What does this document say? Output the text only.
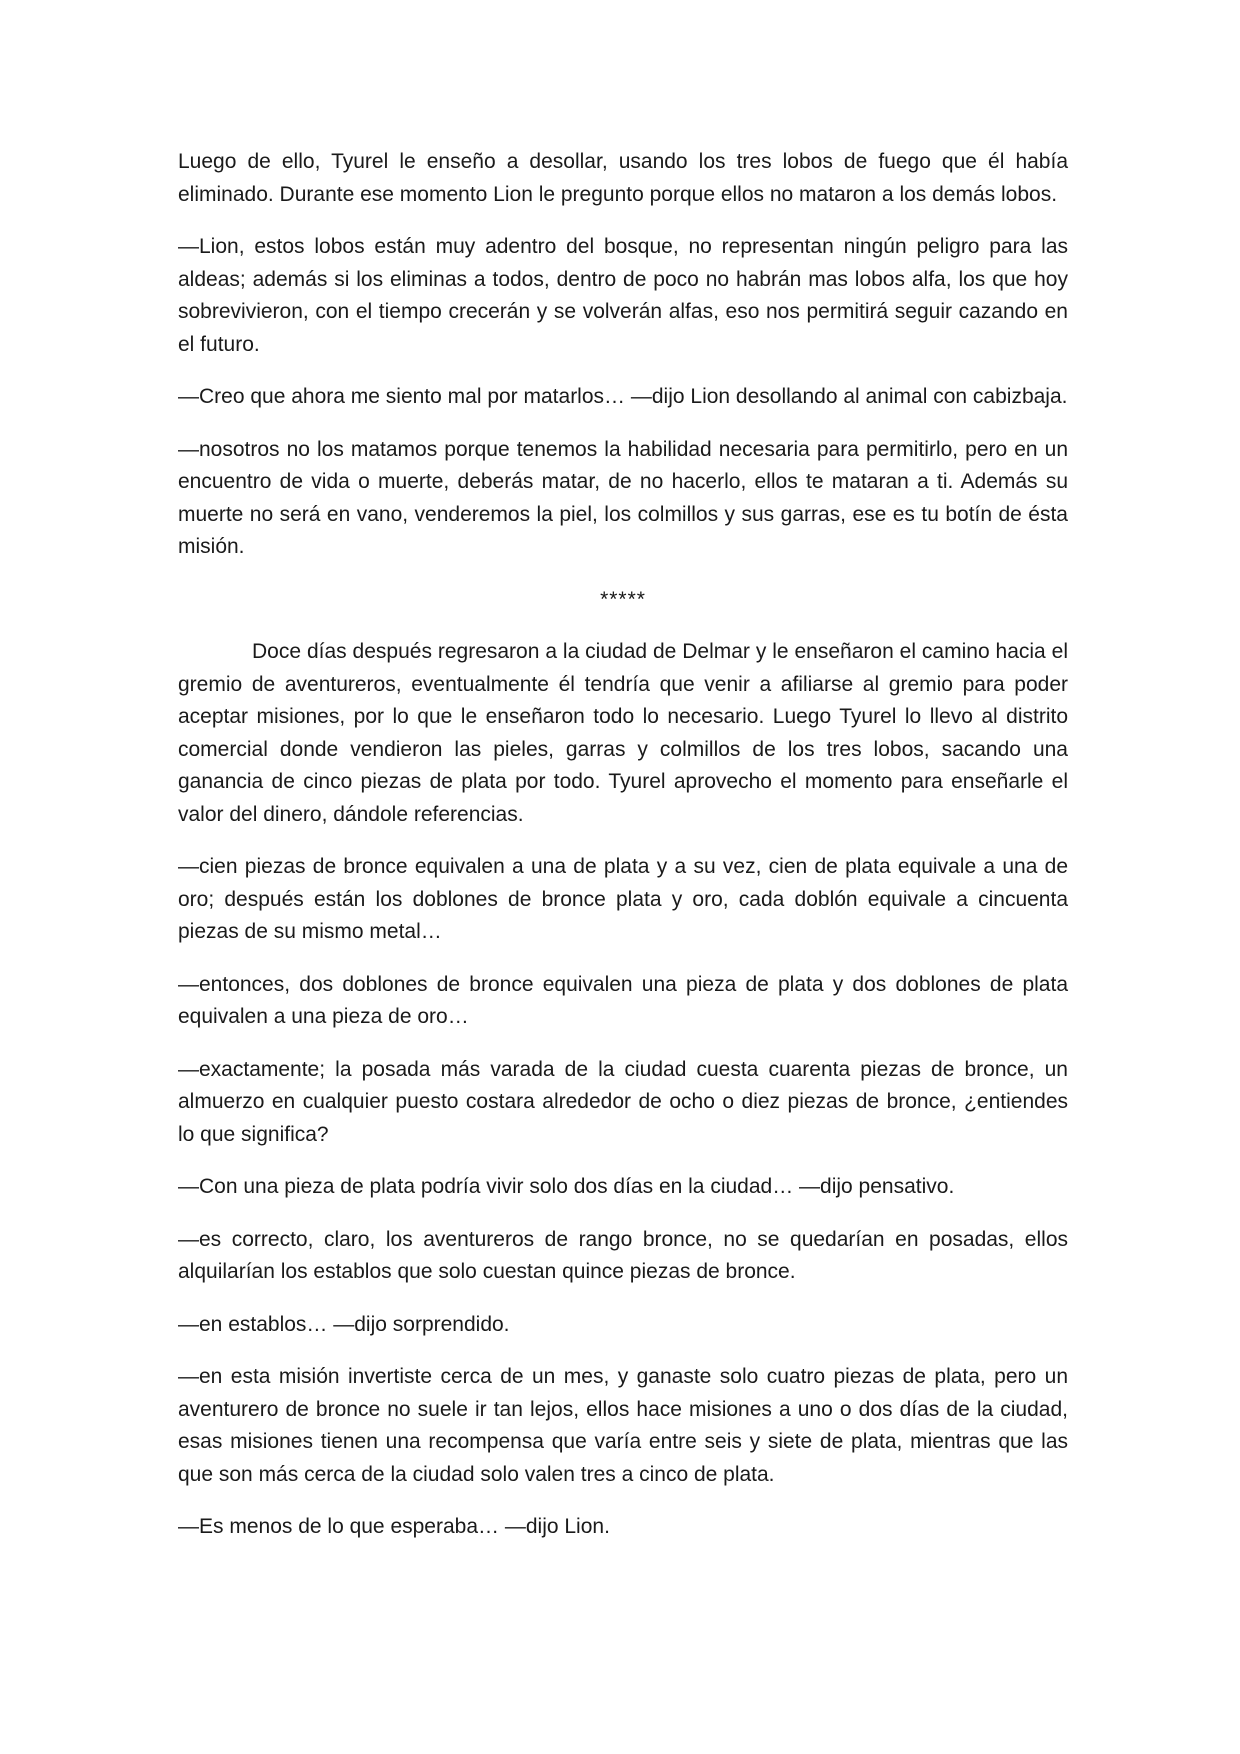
Luego de ello, Tyurel le enseño a desollar, usando los tres lobos de fuego que él había eliminado. Durante ese momento Lion le pregunto porque ellos no mataron a los demás lobos.

—Lion, estos lobos están muy adentro del bosque, no representan ningún peligro para las aldeas; además si los eliminas a todos, dentro de poco no habrán mas lobos alfa, los que hoy sobrevivieron, con el tiempo crecerán y se volverán alfas, eso nos permitirá seguir cazando en el futuro.

—Creo que ahora me siento mal por matarlos… —dijo Lion desollando al animal con cabizbaja.

—nosotros no los matamos porque tenemos la habilidad necesaria para permitirlo, pero en un encuentro de vida o muerte, deberás matar, de no hacerlo, ellos te mataran a ti. Además su muerte no será en vano, venderemos la piel, los colmillos y sus garras, ese es tu botín de ésta misión.

*****

Doce días después regresaron a la ciudad de Delmar y le enseñaron el camino hacia el gremio de aventureros, eventualmente él tendría que venir a afiliarse al gremio para poder aceptar misiones, por lo que le enseñaron todo lo necesario. Luego Tyurel lo llevo al distrito comercial donde vendieron las pieles, garras y colmillos de los tres lobos, sacando una ganancia de cinco piezas de plata por todo. Tyurel aprovecho el momento para enseñarle el valor del dinero, dándole referencias.

—cien piezas de bronce equivalen a una de plata y a su vez, cien de plata equivale a una de oro; después están los doblones de bronce plata y oro, cada doblón equivale a cincuenta piezas de su mismo metal…

—entonces, dos doblones de bronce equivalen una pieza de plata y dos doblones de plata equivalen a una pieza de oro…

—exactamente; la posada más varada de la ciudad cuesta cuarenta piezas de bronce, un almuerzo en cualquier puesto costara alrededor de ocho o diez piezas de bronce, ¿entiendes lo que significa?

—Con una pieza de plata podría vivir solo dos días en la ciudad… —dijo pensativo.

—es correcto, claro, los aventureros de rango bronce, no se quedarían en posadas, ellos alquilarían los establos que solo cuestan quince piezas de bronce.

—en establos… —dijo sorprendido.

—en esta misión invertiste cerca de un mes, y ganaste solo cuatro piezas de plata, pero un aventurero de bronce no suele ir tan lejos, ellos hace misiones a uno o dos días de la ciudad, esas misiones tienen una recompensa que varía entre seis y siete de plata, mientras que las que son más cerca de la ciudad solo valen tres a cinco de plata.

—Es menos de lo que esperaba… —dijo Lion.
